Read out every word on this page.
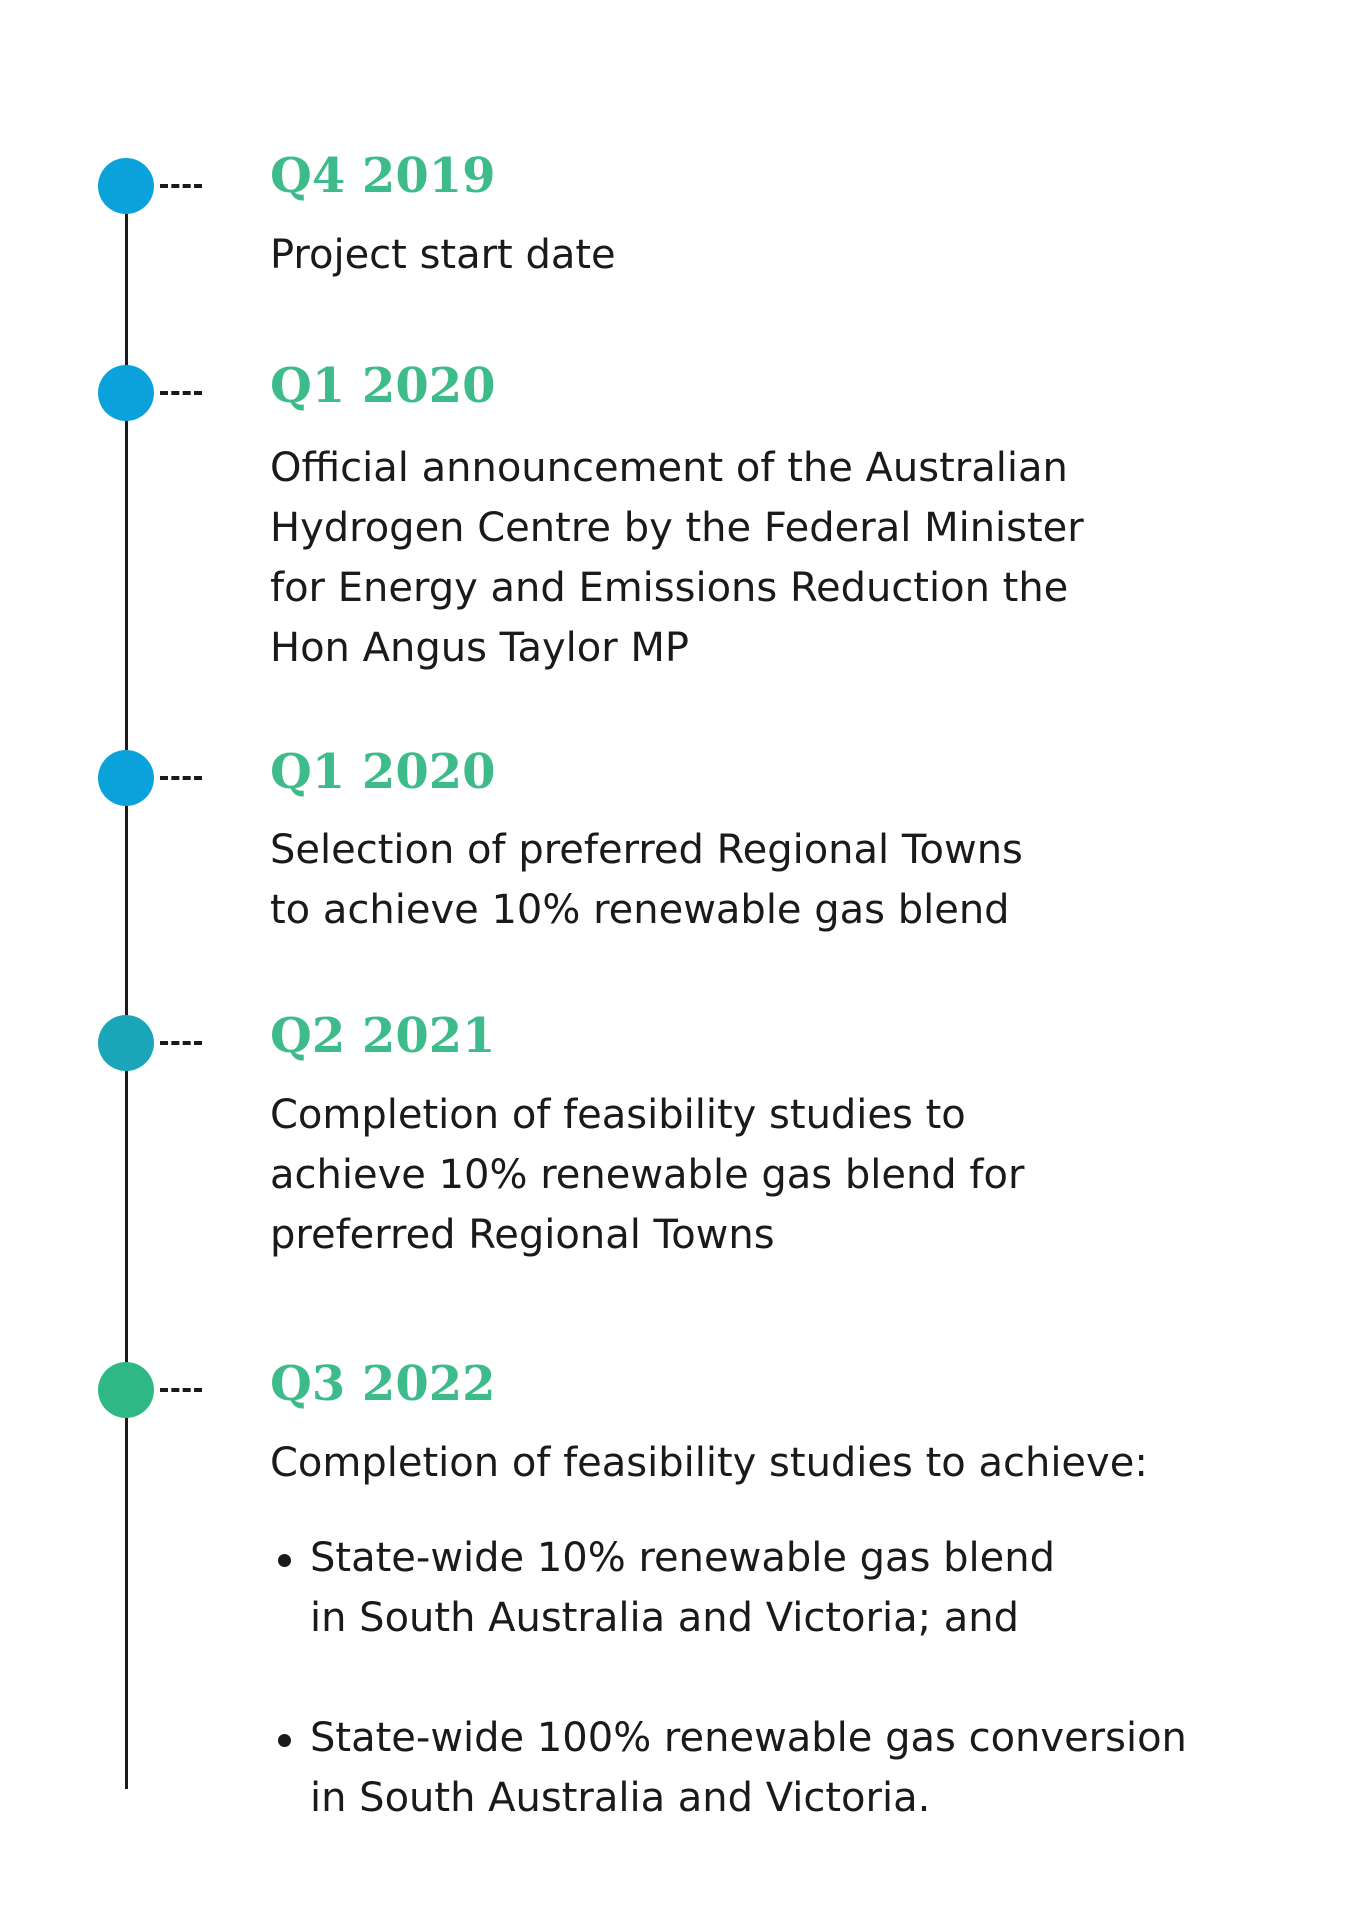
Q4 2019
Project start date
Q1 2020
Official announcement of the Australian
Hydrogen Centre by the Federal Minister
for Energy and Emissions Reduction the
Hon Angus Taylor MP
Q1 2020
Selection of preferred Regional Towns
to achieve 10% renewable gas blend
Q2 2021
Completion of feasibility studies to
achieve 10% renewable gas blend for
preferred Regional Towns
Q3 2022
Completion of feasibility studies to achieve:
State-wide 10% renewable gas blend
in South Australia and Victoria; and
State-wide 100% renewable gas conversion
in South Australia and Victoria.
